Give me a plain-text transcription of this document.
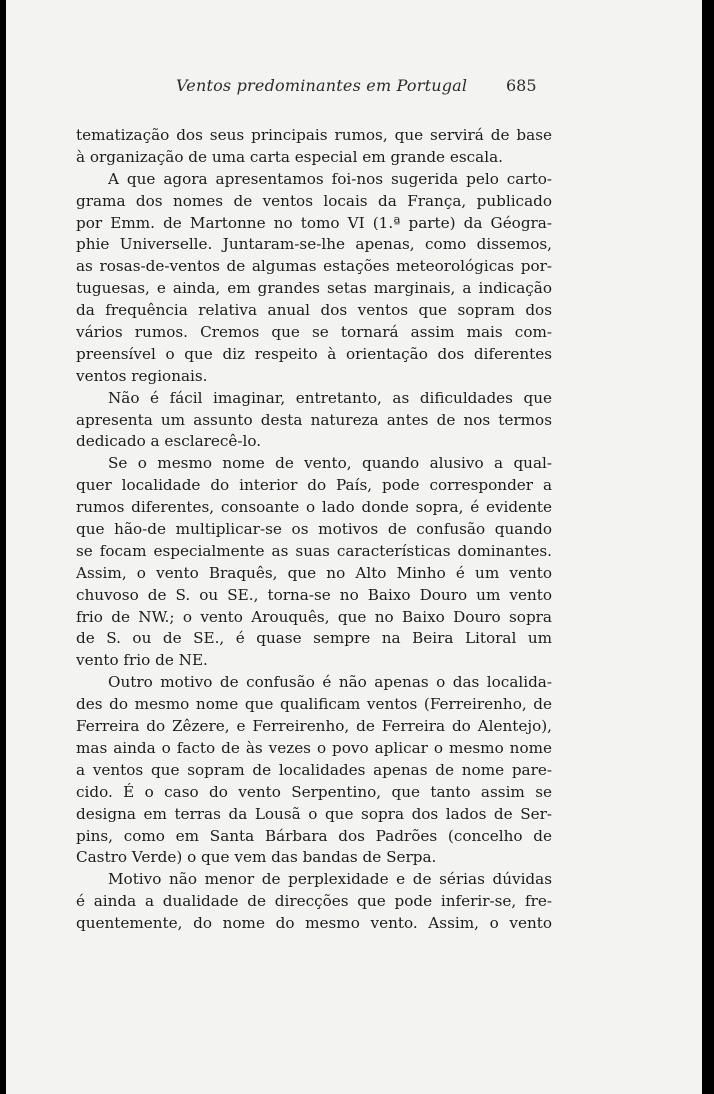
Ventos predominantes em Portugal 685
tematização dos seus principais rumos, que servirá de base
à organização de uma carta especial em grande escala.
A que agora apresentamos foi-nos sugerida pelo carto-
grama dos nomes de ventos locais da França, publicado
por Emm. de Martonne no tomo VI (1.ª parte) da Géogra-
phie Universelle. Juntaram-se-lhe apenas, como dissemos,
as rosas-de-ventos de algumas estações meteorológicas por-
tuguesas, e ainda, em grandes setas marginais, a indicação
da frequência relativa anual dos ventos que sopram dos
vários rumos. Cremos que se tornará assim mais com-
preensível o que diz respeito à orientação dos diferentes
ventos regionais.
Não é fácil imaginar, entretanto, as dificuldades que
apresenta um assunto desta natureza antes de nos termos
dedicado a esclarecê-lo.
Se o mesmo nome de vento, quando alusivo a qual-
quer localidade do interior do País, pode corresponder a
rumos diferentes, consoante o lado donde sopra, é evidente
que hão-de multiplicar-se os motivos de confusão quando
se focam especialmente as suas características dominantes.
Assim, o vento Braquês, que no Alto Minho é um vento
chuvoso de S. ou SE., torna-se no Baixo Douro um vento
frio de NW.; o vento Arouquês, que no Baixo Douro sopra
de S. ou de SE., é quase sempre na Beira Litoral um
vento frio de NE.
Outro motivo de confusão é não apenas o das localida-
des do mesmo nome que qualificam ventos (Ferreirenho, de
Ferreira do Zêzere, e Ferreirenho, de Ferreira do Alentejo),
mas ainda o facto de às vezes o povo aplicar o mesmo nome
a ventos que sopram de localidades apenas de nome pare-
cido. É o caso do vento Serpentino, que tanto assim se
designa em terras da Lousã o que sopra dos lados de Ser-
pins, como em Santa Bárbara dos Padrões (concelho de
Castro Verde) o que vem das bandas de Serpa.
Motivo não menor de perplexidade e de sérias dúvidas
é ainda a dualidade de direcções que pode inferir-se, fre-
quentemente, do nome do mesmo vento. Assim, o vento
